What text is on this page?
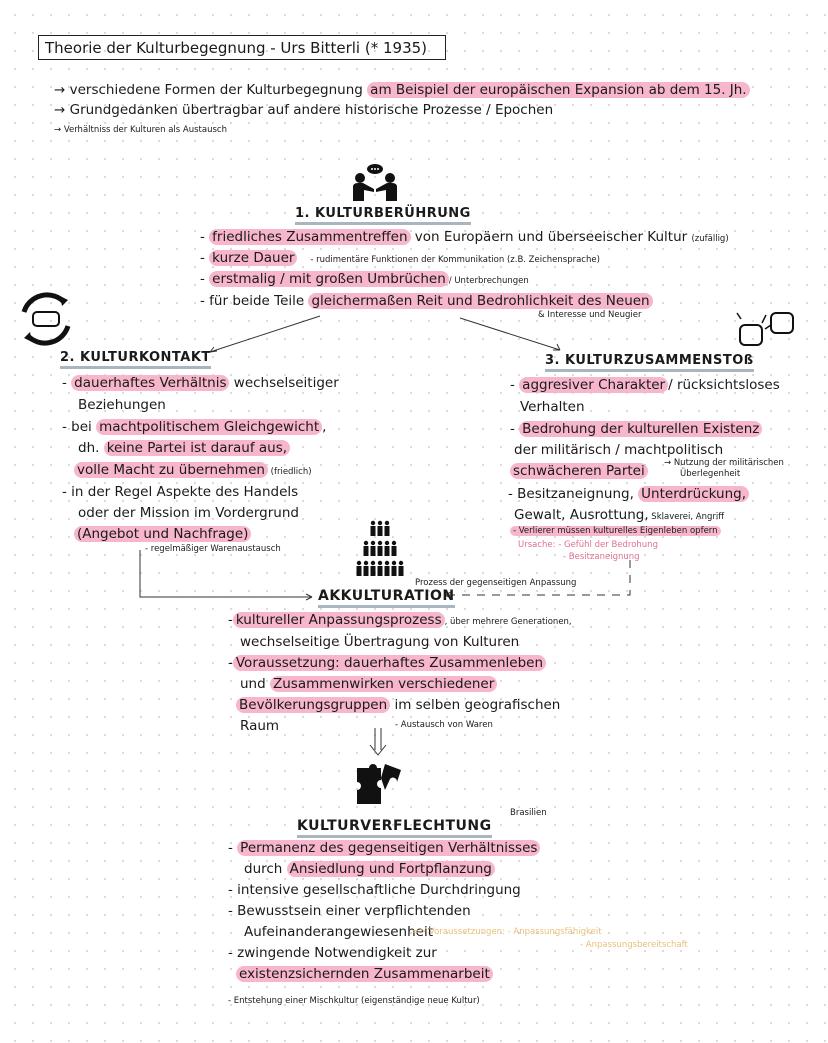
Theorie der Kulturbegegnung - Urs Bitterli (* 1935)
→ verschiedene Formen der Kulturbegegnung am Beispiel der europäischen Expansion ab dem 15. Jh.
→ Grundgedanken übertragbar auf andere historische Prozesse / Epochen
→ Verhältniss der Kulturen als Austausch
1. KULTURBERÜHRUNG
- friedliches Zusammentreffen von Europäern und überseeischer Kultur (zufällig)
- kurze Dauer - rudimentäre Funktionen der Kommunikation (z.B. Zeichensprache)
- erstmalig / mit großen Umbrüchen / Unterbrechungen
- für beide Teile gleichermaßen Reit und Bedrohlichkeit des Neuen
& Interesse und Neugier
2. KULTURKONTAKT
- dauerhaftes Verhältnis wechselseitiger
Beziehungen
- bei machtpolitischem Gleichgewicht ,
dh. keine Partei ist darauf aus,
volle Macht zu übernehmen (friedlich)
- in der Regel Aspekte des Handels
oder der Mission im Vordergrund
(Angebot und Nachfrage)
- regelmäßiger Warenaustausch
3. KULTURZUSAMMENSTOß
- aggresiver Charakter / rücksichtsloses
Verhalten
- Bedrohung der kulturellen Existenz
der militärisch / machtpolitisch
schwächeren Partei	→ Nutzung der militärischen
Überlegenheit
- Besitzaneignung, Unterdrückung,
Gewalt, Ausrottung, Sklaverei, Angriff
- Verlierer müssen kulturelles Eigenleben opfern
Ursache: - Gefühl der Bedrohung
- Besitzaneignung
Prozess der gegenseitigen Anpassung
AKKULTURATION
- kultureller Anpassungsprozess , über mehrere Generationen,
wechselseitige Übertragung von Kulturen
- Voraussetzung: dauerhaftes Zusammenleben
und Zusammenwirken verschiedener
Bevölkerungsgruppen im selben geografischen
Raum	- Austausch von Waren
Brasilien
KULTURVERFLECHTUNG
- Permanenz des gegenseitigen Verhältnisses
durch Ansiedlung und Fortpflanzung
- intensive gesellschaftliche Durchdringung
- Bewusstsein einer verpflichtenden
Aufeinanderangewiesenheit
=> Voraussetzungen: - Anpassungsfähigkeit
- Anpassungsbereitschaft
- zwingende Notwendigkeit zur
existenzsichernden Zusammenarbeit
- Entstehung einer Mischkultur (eigenständige neue Kultur)
